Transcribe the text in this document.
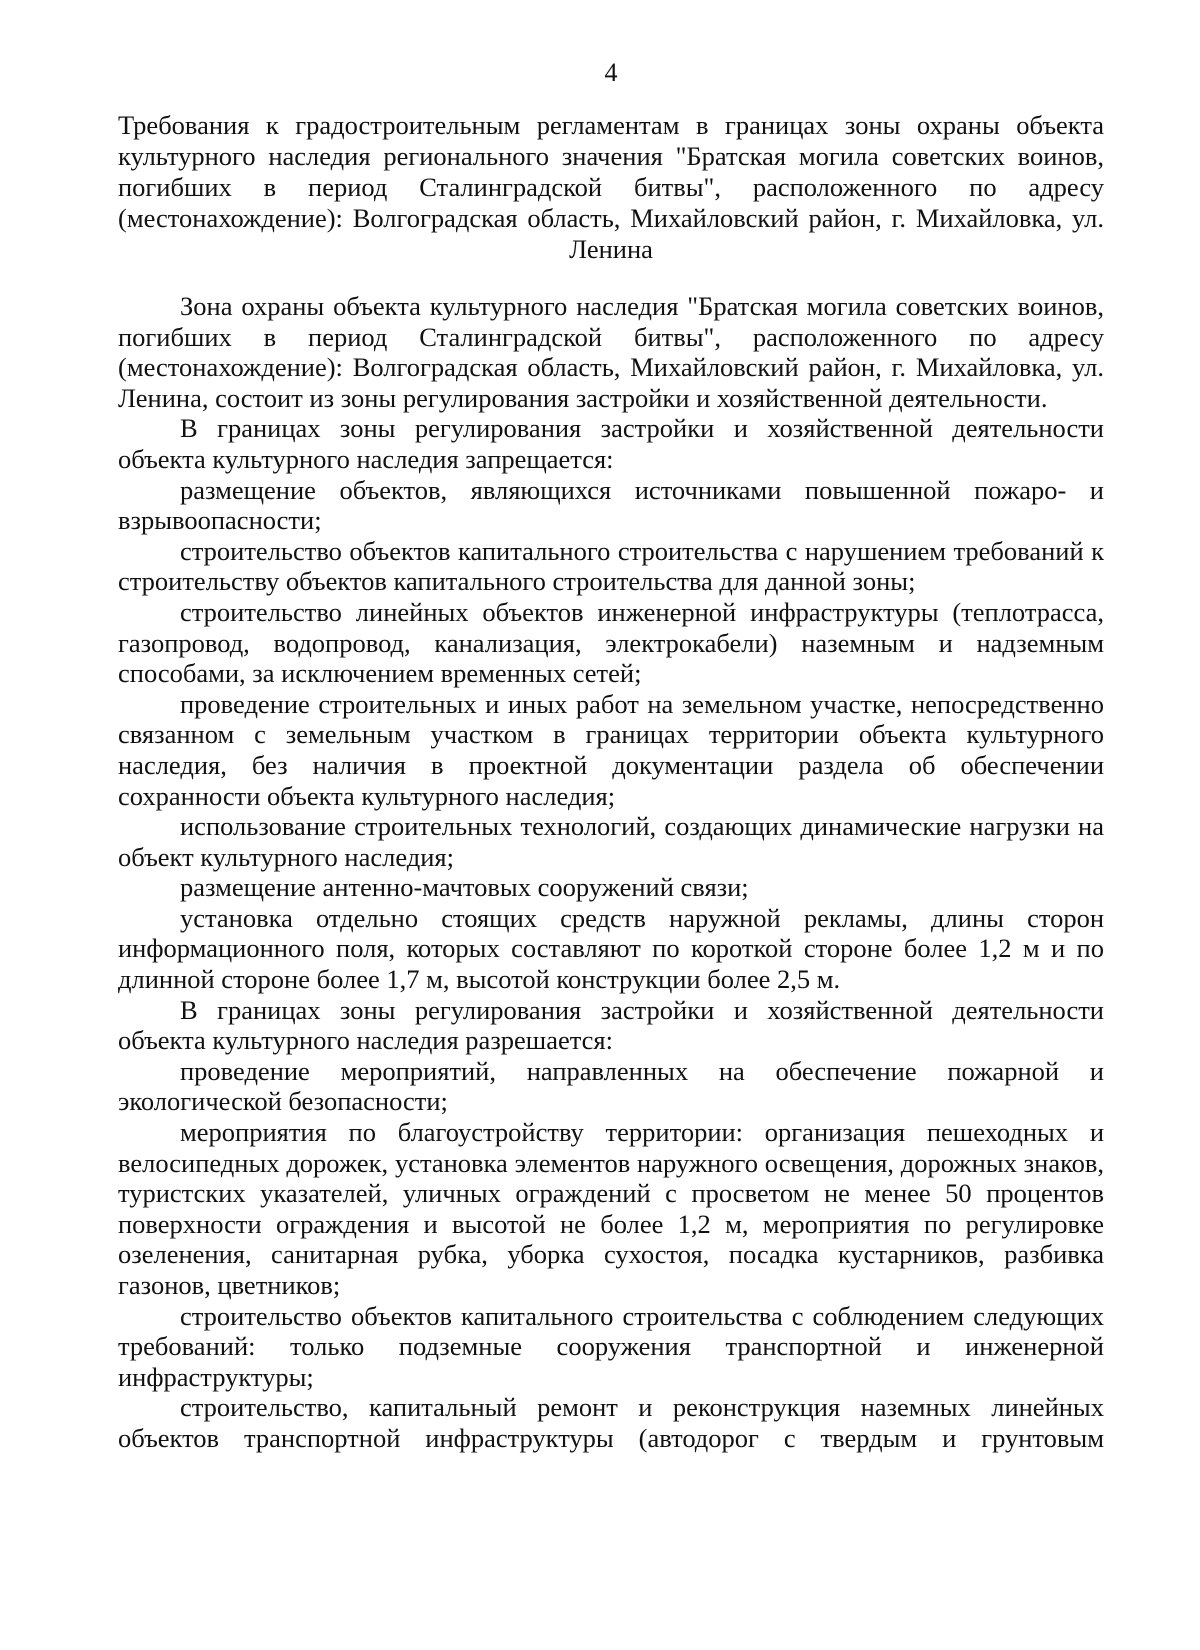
4
Требования к градостроительным регламентам в границах зоны охраны объекта культурного наследия регионального значения "Братская могила советских воинов, погибших в период Сталинградской битвы", расположенного по адресу (местонахождение): Волгоградская область, Михайловский район, г. Михайловка, ул. Ленина

Зона охраны объекта культурного наследия "Братская могила советских воинов, погибших в период Сталинградской битвы", расположенного по адресу (местонахождение): Волгоградская область, Михайловский район, г. Михайловка, ул. Ленина, состоит из зоны регулирования застройки и хозяйственной деятельности.

В границах зоны регулирования застройки и хозяйственной деятельности объекта культурного наследия запрещается:

размещение объектов, являющихся источниками повышенной пожаро- и взрывоопасности;

строительство объектов капитального строительства с нарушением требований к строительству объектов капитального строительства для данной зоны;

строительство линейных объектов инженерной инфраструктуры (теплотрасса, газопровод, водопровод, канализация, электрокабели) наземным и надземным способами, за исключением временных сетей;

проведение строительных и иных работ на земельном участке, непосредственно связанном с земельным участком в границах территории объекта культурного наследия, без наличия в проектной документации раздела об обеспечении сохранности объекта культурного наследия;

использование строительных технологий, создающих динамические нагрузки на объект культурного наследия;

размещение антенно-мачтовых сооружений связи;

установка отдельно стоящих средств наружной рекламы, длины сторон информационного поля, которых составляют по короткой стороне более 1,2 м и по длинной стороне более 1,7 м, высотой конструкции более 2,5 м.

В границах зоны регулирования застройки и хозяйственной деятельности объекта культурного наследия разрешается:

проведение мероприятий, направленных на обеспечение пожарной и экологической безопасности;

мероприятия по благоустройству территории: организация пешеходных и велосипедных дорожек, установка элементов наружного освещения, дорожных знаков, туристских указателей, уличных ограждений с просветом не менее 50 процентов поверхности ограждения и высотой не более 1,2 м, мероприятия по регулировке озеленения, санитарная рубка, уборка сухостоя, посадка кустарников, разбивка газонов, цветников;

строительство объектов капитального строительства с соблюдением следующих требований: только подземные сооружения транспортной и инженерной инфраструктуры;

строительство, капитальный ремонт и реконструкция наземных линейных объектов транспортной инфраструктуры (автодорог с твердым и грунтовым
